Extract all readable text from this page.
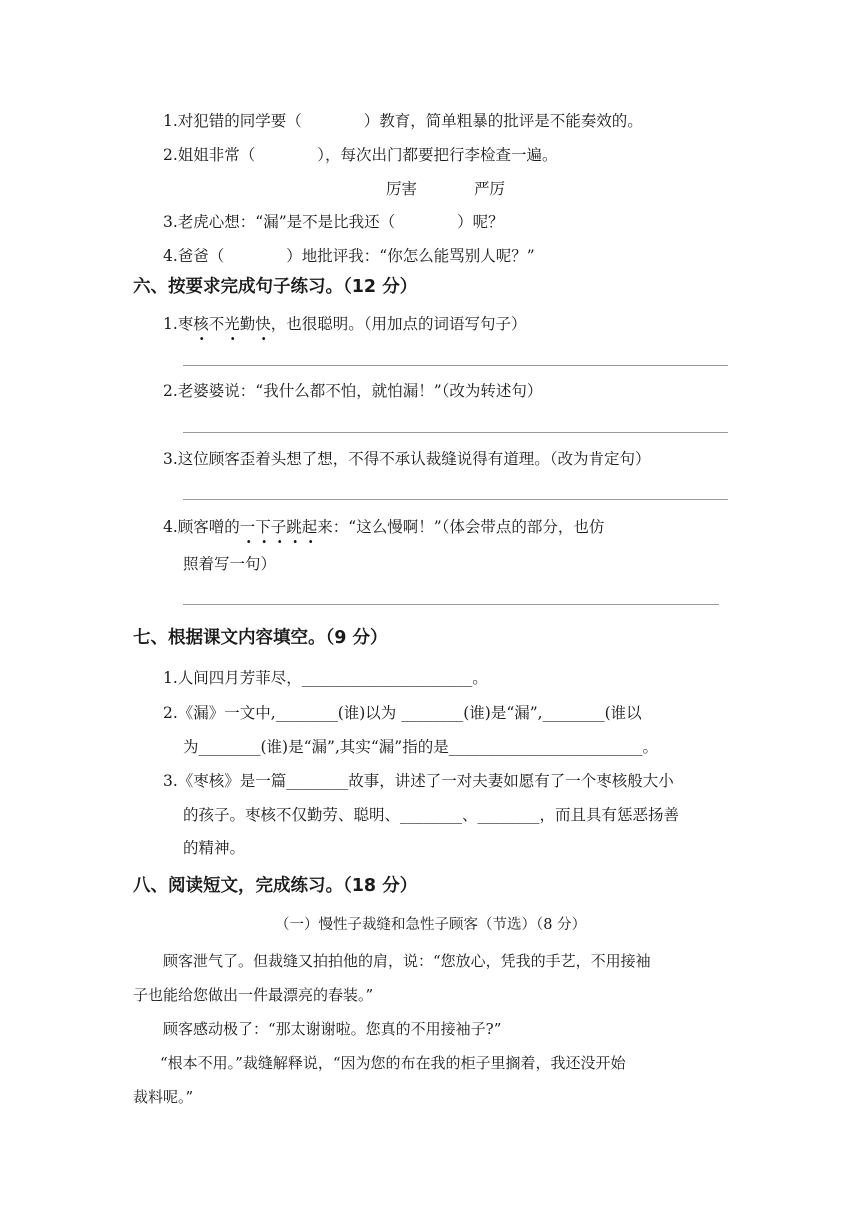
1.对犯错的同学要（　　　　）教育，简单粗暴的批评是不能奏效的。
2.姐姐非常（　　　　），每次出门都要把行李检查一遍。
厉害	严厉
3.老虎心想：“漏”是不是比我还（　　　　）呢？
4.爸爸（　　　　）地批评我：“你怎么能骂别人呢？”
六、按要求完成句子练习。（12 分）
1.枣核不光勤快，也很聪明。（用加点的词语写句子）
· · ·
2.老婆婆说：“我什么都不怕，就怕漏！”（改为转述句）
3.这位顾客歪着头想了想，不得不承认裁缝说得有道理。（改为肯定句）
4.顾客噌的一下子跳起来：“这么慢啊！”（体会带点的部分，也仿
· · · · ·
照着写一句）
七、根据课文内容填空。（9 分）
1.人间四月芳菲尽，______________________。
2.《漏》一文中,________(谁)以为 ________(谁)是“漏”,________(谁以
为________(谁)是“漏”,其实“漏”指的是_________________________。
3.《枣核》是一篇________故事，讲述了一对夫妻如愿有了一个枣核般大小
的孩子。枣核不仅勤劳、聪明、________、________，而且具有惩恶扬善
的精神。
八、阅读短文，完成练习。（18 分）
（一）慢性子裁缝和急性子顾客（节选）（8 分）
顾客泄气了。但裁缝又拍拍他的肩，说：“您放心，凭我的手艺，不用接袖
子也能给您做出一件最漂亮的春装。”
顾客感动极了：“那太谢谢啦。您真的不用接袖子?”
“根本不用。”裁缝解释说，“因为您的布在我的柜子里搁着，我还没开始
裁料呢。”
